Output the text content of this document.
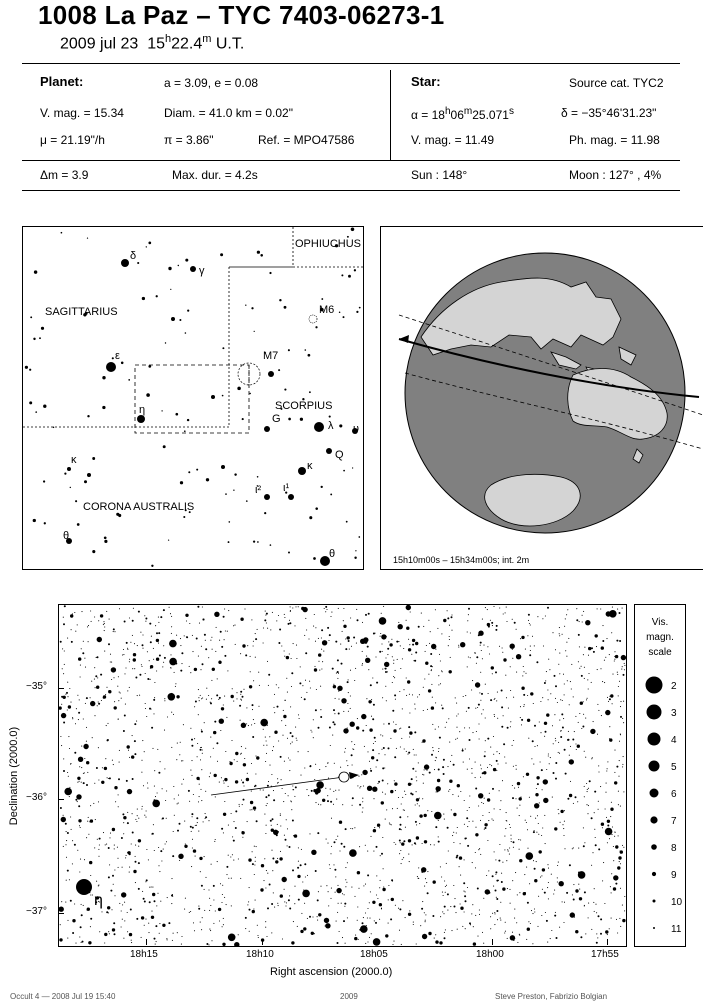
1008 La Paz – TYC 7403-06273-1
2009 jul 23 15$^h$22.4$^m$ U.T.
Planet:	a = 3.09, e = 0.08
V. mag. = 15.34	Diam. = 41.0 km = 0.02"
μ = 21.19"/h	π = 3.86"	Ref. = MPO47586
Δm = 3.9	Max. dur. = 4.2s
Star:	Source cat. TYC2
$\alpha = 18^h06^m25.071^s$	δ = −35°46'31.23"
V. mag. = 11.49	Ph. mag. = 11.98
Sun : 148°	Moon : 127° , 4%
OPHIUCHUS
SAGITTARIUS
SCORPIUS
CORONA AUSTRALIS
M6
M7
G
Q
δ
γ
ε
η
κ
θ
λ υ
κ
ι² ι¹
θ	15h10m00s – 15h34m00s; int. 2m
η
−35°
−36°
−37°
18h15	18h10	18h05	18h00	17h55
Declination (2000.0)
Right ascension (2000.0)
Vis.
magn.
scale
2
3
4
5
6
7
8
9
10
11
Occult 4 — 2008 Jul 19 15:40	2009	Steve Preston, Fabrizio Bolgian
